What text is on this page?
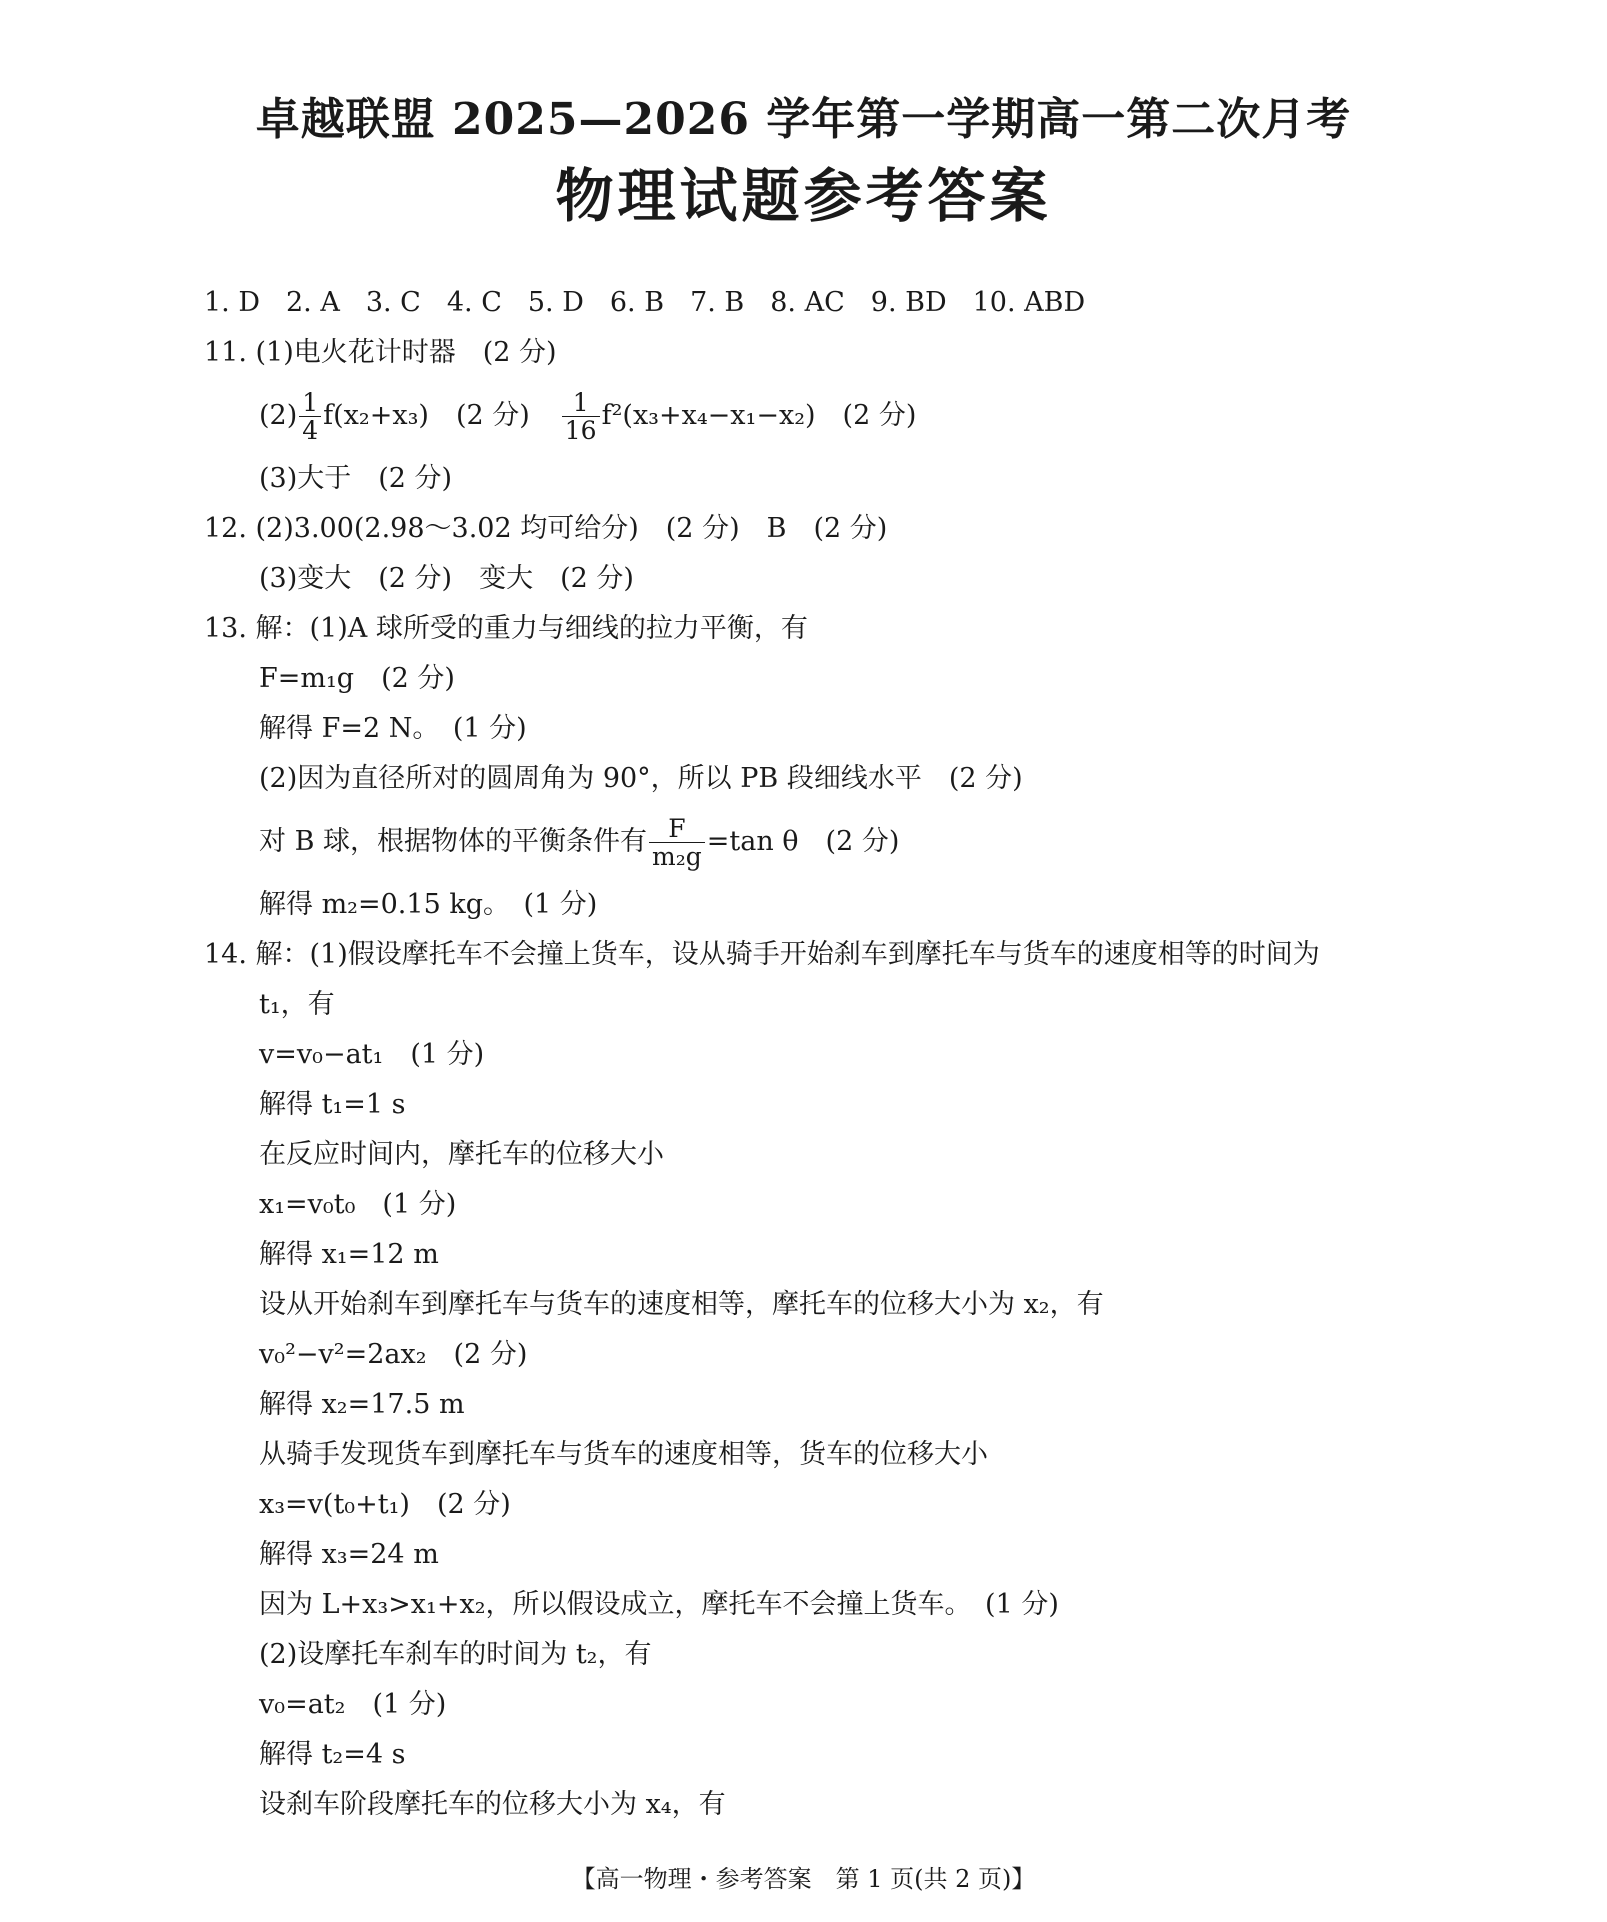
卓越联盟 2025—2026 学年第一学期高一第二次月考
物理试题参考答案
1. D 2. A 3. C 4. C 5. D 6. B 7. B 8. AC 9. BD 10. ABD
11. (1)电火花计时器　(2 分)
$(2) \frac{1}{4} f(x_2+x_3)$　(2 分) $\frac{1}{16} f^2(x_3+x_4-x_1-x_2)$　(2 分)
(3)大于　(2 分)
12. (2)3.00(2.98～3.02 均可给分)　(2 分)　B　(2 分)
(3)变大　(2 分)　变大　(2 分)
13. 解：(1)A 球所受的重力与细线的拉力平衡，有
F=m₁g　(2 分)
解得 F=2 N。　(1 分)
(2)因为直径所对的圆周角为 90°，所以 PB 段细线水平　(2 分)
对 B 球，根据物体的平衡条件有 $\frac{F}{\text{m₂g}} =\tan$ θ　(2 分)
解得 m₂=0.15 kg。　(1 分)
14. 解：(1)假设摩托车不会撞上货车，设从骑手开始刹车到摩托车与货车的速度相等的时间为
t₁，有
v=v₀−at₁　(1 分)
解得 t₁=1 s
在反应时间内，摩托车的位移大小
x₁=v₀t₀　(1 分)
解得 x₁=12 m
设从开始刹车到摩托车与货车的速度相等，摩托车的位移大小为 x₂，有
v₀²−v²=2ax₂　(2 分)
解得 x₂=17.5 m
从骑手发现货车到摩托车与货车的速度相等，货车的位移大小
x₃=v(t₀+t₁)　(2 分)
解得 x₃=24 m
因为 L+x₃>x₁+x₂，所以假设成立，摩托车不会撞上货车。　(1 分)
(2)设摩托车刹车的时间为 t₂，有
v₀=at₂　(1 分)
解得 t₂=4 s
设刹车阶段摩托车的位移大小为 x₄，有
【高一物理・参考答案　第 1 页(共 2 页)】
